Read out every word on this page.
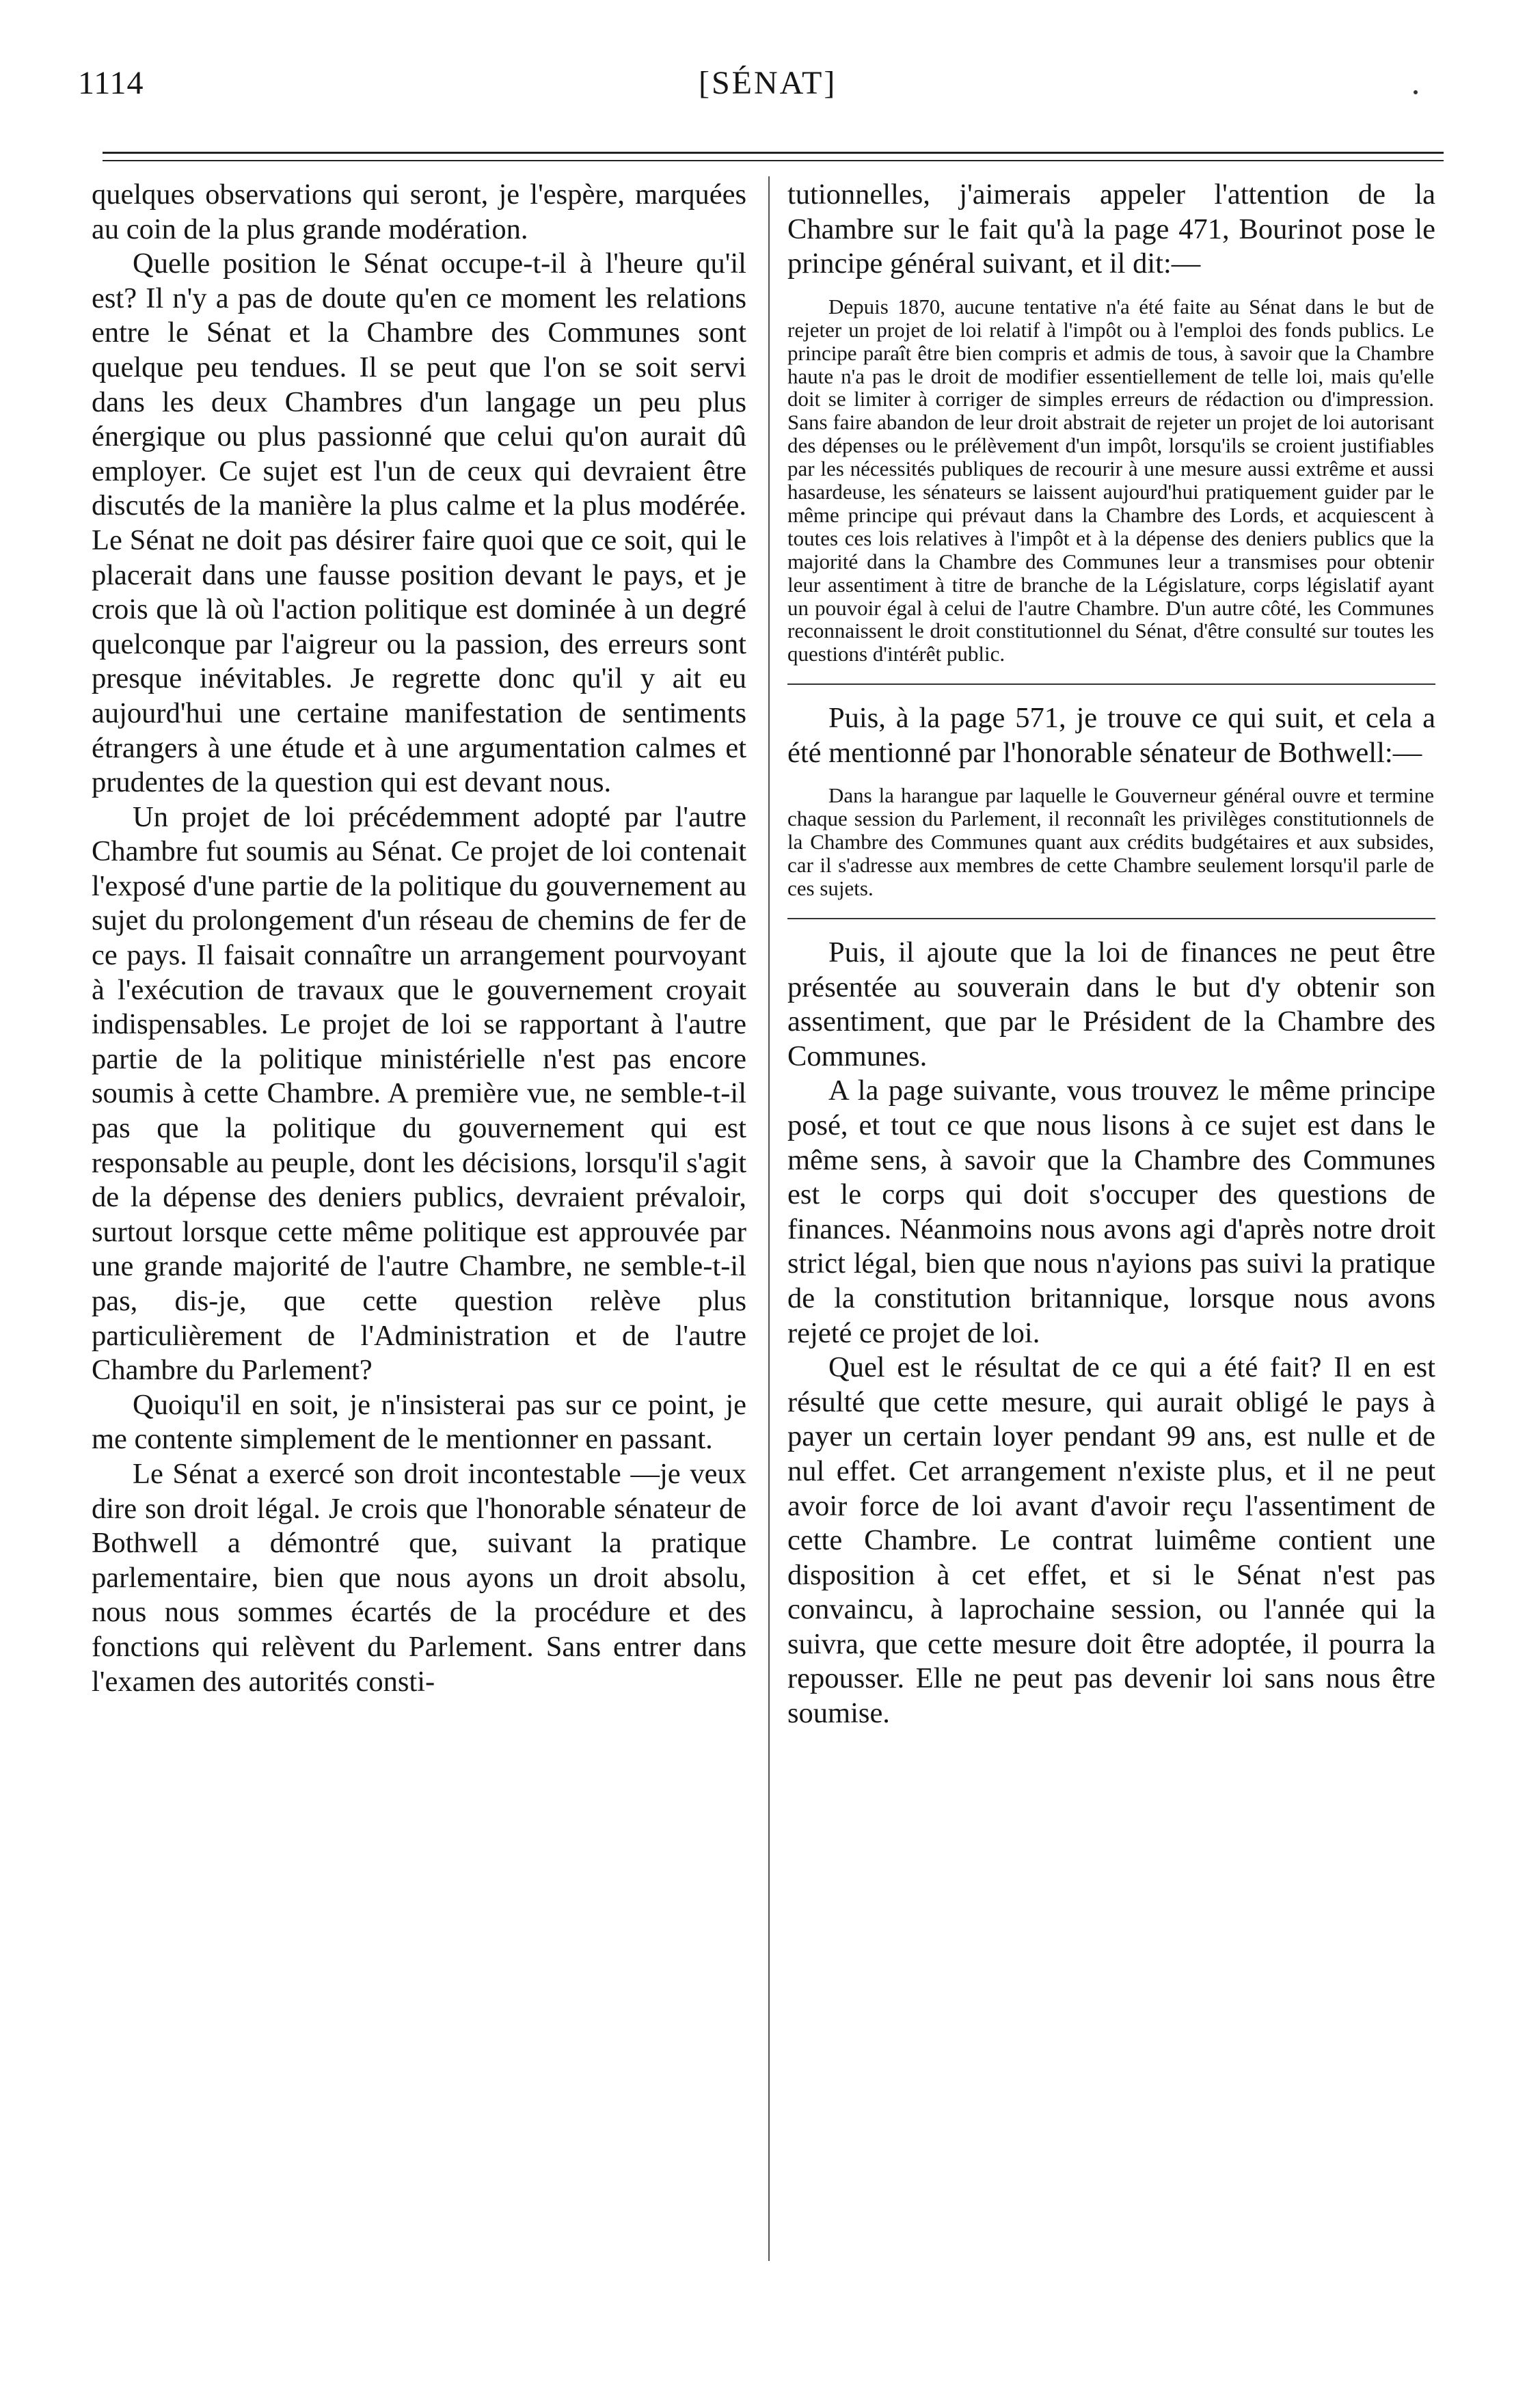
1114	[SÉNAT]

quelques observations qui seront, je l'espère, marquées au coin de la plus grande modération.

Quelle position le Sénat occupe-t-il à l'heure qu'il est? Il n'y a pas de doute qu'en ce moment les relations entre le Sénat et la Chambre des Communes sont quelque peu tendues. Il se peut que l'on se soit servi dans les deux Chambres d'un langage un peu plus énergique ou plus passionné que celui qu'on aurait dû employer. Ce sujet est l'un de ceux qui devraient être discutés de la manière la plus calme et la plus modérée. Le Sénat ne doit pas désirer faire quoi que ce soit, qui le placerait dans une fausse position devant le pays, et je crois que là où l'action politique est dominée à un degré quelconque par l'aigreur ou la passion, des erreurs sont presque inévitables. Je regrette donc qu'il y ait eu aujourd'hui une certaine manifestation de sentiments étrangers à une étude et à une argumentation calmes et prudentes de la question qui est devant nous.

Un projet de loi précédemment adopté par l'autre Chambre fut soumis au Sénat. Ce projet de loi contenait l'exposé d'une partie de la politique du gouvernement au sujet du prolongement d'un réseau de chemins de fer de ce pays. Il faisait connaître un arrangement pourvoyant à l'exécution de travaux que le gouvernement croyait indispensables. Le projet de loi se rapportant à l'autre partie de la politique ministérielle n'est pas encore soumis à cette Chambre. A première vue, ne semble-t-il pas que la politique du gouvernement qui est responsable au peuple, dont les décisions, lorsqu'il s'agit de la dépense des deniers publics, devraient prévaloir, surtout lorsque cette même politique est approuvée par une grande majorité de l'autre Chambre, ne semble-t-il pas, dis-je, que cette question relève plus particulièrement de l'Administration et de l'autre Chambre du Parlement?

Quoiqu'il en soit, je n'insisterai pas sur ce point, je me contente simplement de le mentionner en passant.

Le Sénat a exercé son droit incontestable —je veux dire son droit légal. Je crois que l'honorable sénateur de Bothwell a démontré que, suivant la pratique parlementaire, bien que nous ayons un droit absolu, nous nous sommes écartés de la procédure et des fonctions qui relèvent du Parlement. Sans entrer dans l'examen des autorités consti-

tutionnelles, j'aimerais appeler l'attention de la Chambre sur le fait qu'à la page 471, Bourinot pose le principe général suivant, et il dit:—

Depuis 1870, aucune tentative n'a été faite au Sénat dans le but de rejeter un projet de loi relatif à l'impôt ou à l'emploi des fonds publics. Le principe paraît être bien compris et admis de tous, à savoir que la Chambre haute n'a pas le droit de modifier essentiellement de telle loi, mais qu'elle doit se limiter à corriger de simples erreurs de rédaction ou d'impression. Sans faire abandon de leur droit abstrait de rejeter un projet de loi autorisant des dépenses ou le prélèvement d'un impôt, lorsqu'ils se croient justifiables par les nécessités publiques de recourir à une mesure aussi extrême et aussi hasardeuse, les sénateurs se laissent aujourd'hui pratiquement guider par le même principe qui prévaut dans la Chambre des Lords, et acquiescent à toutes ces lois relatives à l'impôt et à la dépense des deniers publics que la majorité dans la Chambre des Communes leur a transmises pour obtenir leur assentiment à titre de branche de la Législature, corps législatif ayant un pouvoir égal à celui de l'autre Chambre. D'un autre côté, les Communes reconnaissent le droit constitutionnel du Sénat, d'être consulté sur toutes les questions d'intérêt public.

Puis, à la page 571, je trouve ce qui suit, et cela a été mentionné par l'honorable sénateur de Bothwell:—

Dans la harangue par laquelle le Gouverneur général ouvre et termine chaque session du Parlement, il reconnaît les privilèges constitutionnels de la Chambre des Communes quant aux crédits budgétaires et aux subsides, car il s'adresse aux membres de cette Chambre seulement lorsqu'il parle de ces sujets.

Puis, il ajoute que la loi de finances ne peut être présentée au souverain dans le but d'y obtenir son assentiment, que par le Président de la Chambre des Communes.

A la page suivante, vous trouvez le même principe posé, et tout ce que nous lisons à ce sujet est dans le même sens, à savoir que la Chambre des Communes est le corps qui doit s'occuper des questions de finances. Néanmoins nous avons agi d'après notre droit strict légal, bien que nous n'ayions pas suivi la pratique de la constitution britannique, lorsque nous avons rejeté ce projet de loi.

Quel est le résultat de ce qui a été fait? Il en est résulté que cette mesure, qui aurait obligé le pays à payer un certain loyer pendant 99 ans, est nulle et de nul effet. Cet arrangement n'existe plus, et il ne peut avoir force de loi avant d'avoir reçu l'assentiment de cette Chambre. Le contrat luimême contient une disposition à cet effet, et si le Sénat n'est pas convaincu, à laprochaine session, ou l'année qui la suivra, que cette mesure doit être adoptée, il pourra la repousser. Elle ne peut pas devenir loi sans nous être soumise.
